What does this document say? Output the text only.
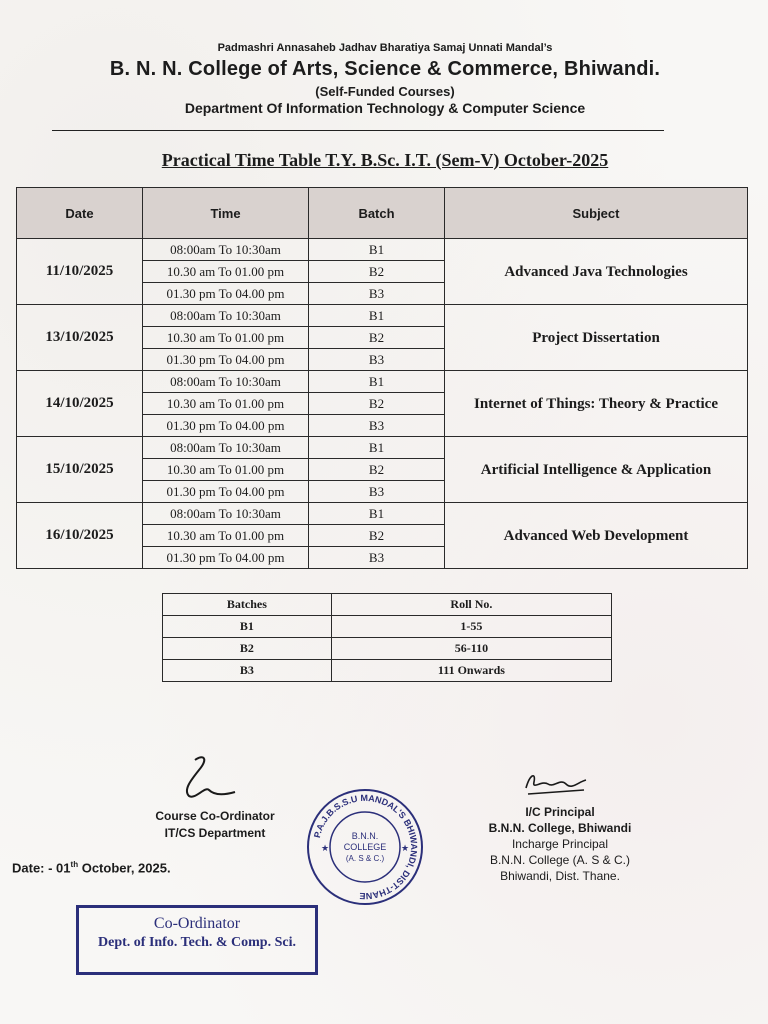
Padmashri Annasaheb Jadhav Bharatiya Samaj Unnati Mandal’s
B. N. N. College of Arts, Science & Commerce, Bhiwandi.
(Self-Funded Courses)
Department Of Information Technology & Computer Science
Practical Time Table T.Y. B.Sc. I.T. (Sem-V) October-2025
Date	Time	Batch	Subject
11/10/2025	08:00am To 10:30am	B1	Advanced Java Technologies
	10.30 am To 01.00 pm	B2	
	01.30 pm To 04.00 pm	B3	
13/10/2025	08:00am To 10:30am	B1	Project Dissertation
	10.30 am To 01.00 pm	B2	
	01.30 pm To 04.00 pm	B3	
14/10/2025	08:00am To 10:30am	B1	Internet of Things: Theory & Practice
	10.30 am To 01.00 pm	B2	
	01.30 pm To 04.00 pm	B3	
15/10/2025	08:00am To 10:30am	B1	Artificial Intelligence & Application
	10.30 am To 01.00 pm	B2	
	01.30 pm To 04.00 pm	B3	
16/10/2025	08:00am To 10:30am	B1	Advanced Web Development
	10.30 am To 01.00 pm	B2	
	01.30 pm To 04.00 pm	B3	
Batches	Roll No.
B1	1-55
B2	56-110
B3	111 Onwards
Course Co-Ordinator
IT/CS Department
Date: - 01th October, 2025.
P.A.J.B.S.S.U MANDAL'S BHIWANDI, DIST-THANE
B.N.N.
COLLEGE
(A. S & C.)
★	★
I/C Principal
B.N.N. College, Bhiwandi
Incharge Principal
B.N.N. College (A. S & C.)
Bhiwandi, Dist. Thane.
Co-Ordinator
Dept. of Info. Tech. & Comp. Sci.
